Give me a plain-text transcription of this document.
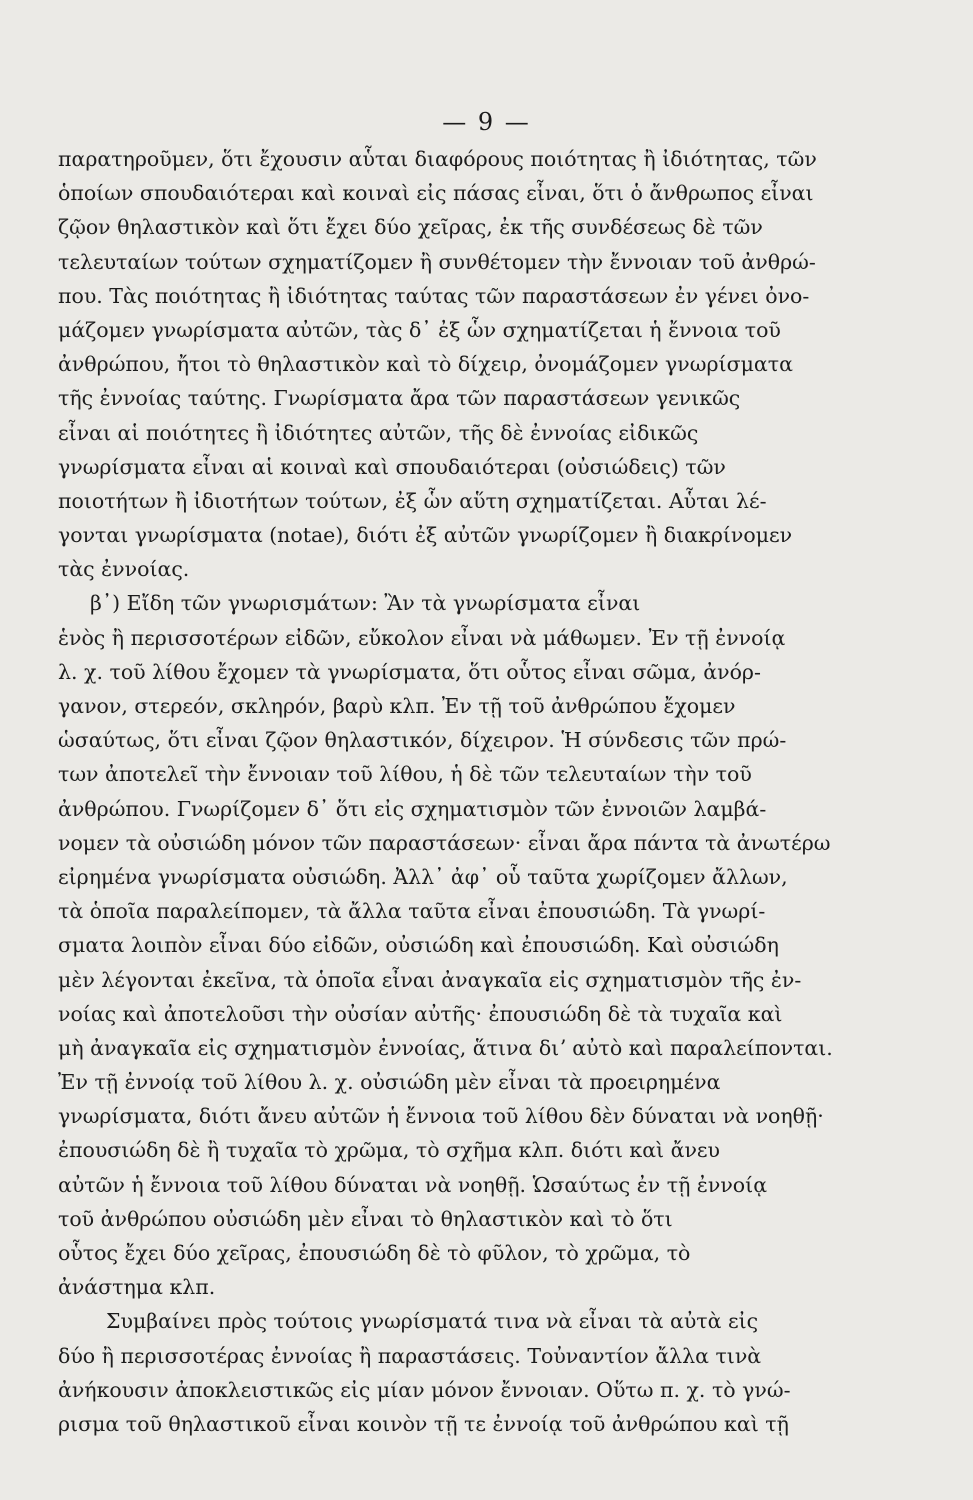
— 9 —
παρατηροῦμεν, ὅτι ἔχουσιν αὗται διαφόρους ποιότητας ἢ ἰδιότητας, τῶν
ὁποίων σπουδαιότεραι καὶ κοιναὶ εἰς πάσας εἶναι, ὅτι ὁ ἄνθρωπος εἶναι
ζῷον θηλαστικὸν καὶ ὅτι ἔχει δύο χεῖρας, ἐκ τῆς συνδέσεως δὲ τῶν
τελευταίων τούτων σχηματίζομεν ἢ συνθέτομεν τὴν ἔννοιαν τοῦ ἀνθρώ-
που. Τὰς ποιότητας ἢ ἰδιότητας ταύτας τῶν παραστάσεων ἐν γένει ὀνο-
μάζομεν γνωρίσματα αὐτῶν, τὰς δ᾽ ἐξ ὧν σχηματίζεται ἡ ἔννοια τοῦ
ἀνθρώπου, ἤτοι τὸ θηλαστικὸν καὶ τὸ δίχειρ, ὀνομάζομεν γνωρίσματα
τῆς ἐννοίας ταύτης. Γνωρίσματα ἄρα τῶν παραστάσεων γενικῶς
εἶναι αἱ ποιότητες ἢ ἰδιότητες αὐτῶν, τῆς δὲ ἐννοίας εἰδικῶς
γνωρίσματα εἶναι αἱ κοιναὶ καὶ σπουδαιότεραι (οὐσιώδεις) τῶν
ποιοτήτων ἢ ἰδιοτήτων τούτων, ἐξ ὧν αὕτη σχηματίζεται. Αὗται λέ-
γονται γνωρίσματα (notae), διότι ἐξ αὐτῶν γνωρίζομεν ἢ διακρίνομεν
τὰς ἐννοίας.
β᾽) Εἴδη τῶν γνωρισμάτων: Ἂν τὰ γνωρίσματα εἶναι
ἑνὸς ἢ περισσοτέρων εἰδῶν, εὔκολον εἶναι νὰ μάθωμεν. Ἐν τῇ ἐννοίᾳ
λ. χ. τοῦ λίθου ἔχομεν τὰ γνωρίσματα, ὅτι οὗτος εἶναι σῶμα, ἀνόρ-
γανον, στερεόν, σκληρόν, βαρὺ κλπ. Ἐν τῇ τοῦ ἀνθρώπου ἔχομεν
ὡσαύτως, ὅτι εἶναι ζῷον θηλαστικόν, δίχειρον. Ἡ σύνδεσις τῶν πρώ-
των ἀποτελεῖ τὴν ἔννοιαν τοῦ λίθου, ἡ δὲ τῶν τελευταίων τὴν τοῦ
ἀνθρώπου. Γνωρίζομεν δ᾽ ὅτι εἰς σχηματισμὸν τῶν ἐννοιῶν λαμβά-
νομεν τὰ οὐσιώδη μόνον τῶν παραστάσεων· εἶναι ἄρα πάντα τὰ ἀνωτέρω
εἰρημένα γνωρίσματα οὐσιώδη. Ἀλλ᾽ ἀφ᾽ οὗ ταῦτα χωρίζομεν ἄλλων,
τὰ ὁποῖα παραλείπομεν, τὰ ἄλλα ταῦτα εἶναι ἐπουσιώδη. Τὰ γνωρί-
σματα λοιπὸν εἶναι δύο εἰδῶν, οὐσιώδη καὶ ἐπουσιώδη. Καὶ οὐσιώδη
μὲν λέγονται ἐκεῖνα, τὰ ὁποῖα εἶναι ἀναγκαῖα εἰς σχηματισμὸν τῆς ἐν-
νοίας καὶ ἀποτελοῦσι τὴν οὐσίαν αὐτῆς· ἐπουσιώδη δὲ τὰ τυχαῖα καὶ
μὴ ἀναγκαῖα εἰς σχηματισμὸν ἐννοίας, ἅτινα διʼ αὐτὸ καὶ παραλείπονται.
Ἐν τῇ ἐννοίᾳ τοῦ λίθου λ. χ. οὐσιώδη μὲν εἶναι τὰ προειρημένα
γνωρίσματα, διότι ἄνευ αὐτῶν ἡ ἔννοια τοῦ λίθου δὲν δύναται νὰ νοηθῇ·
ἐπουσιώδη δὲ ἢ τυχαῖα τὸ χρῶμα, τὸ σχῆμα κλπ. διότι καὶ ἄνευ
αὐτῶν ἡ ἔννοια τοῦ λίθου δύναται νὰ νοηθῇ. Ὡσαύτως ἐν τῇ ἐννοίᾳ
τοῦ ἀνθρώπου οὐσιώδη μὲν εἶναι τὸ θηλαστικὸν καὶ τὸ ὅτι
οὗτος ἔχει δύο χεῖρας, ἐπουσιώδη δὲ τὸ φῦλον, τὸ χρῶμα, τὸ
ἀνάστημα κλπ.
Συμβαίνει πρὸς τούτοις γνωρίσματά τινα νὰ εἶναι τὰ αὐτὰ εἰς
δύο ἢ περισσοτέρας ἐννοίας ἢ παραστάσεις. Τοὐναντίον ἄλλα τινὰ
ἀνήκουσιν ἀποκλειστικῶς εἰς μίαν μόνον ἔννοιαν. Οὕτω π. χ. τὸ γνώ-
ρισμα τοῦ θηλαστικοῦ εἶναι κοινὸν τῇ τε ἐννοίᾳ τοῦ ἀνθρώπου καὶ τῇ
